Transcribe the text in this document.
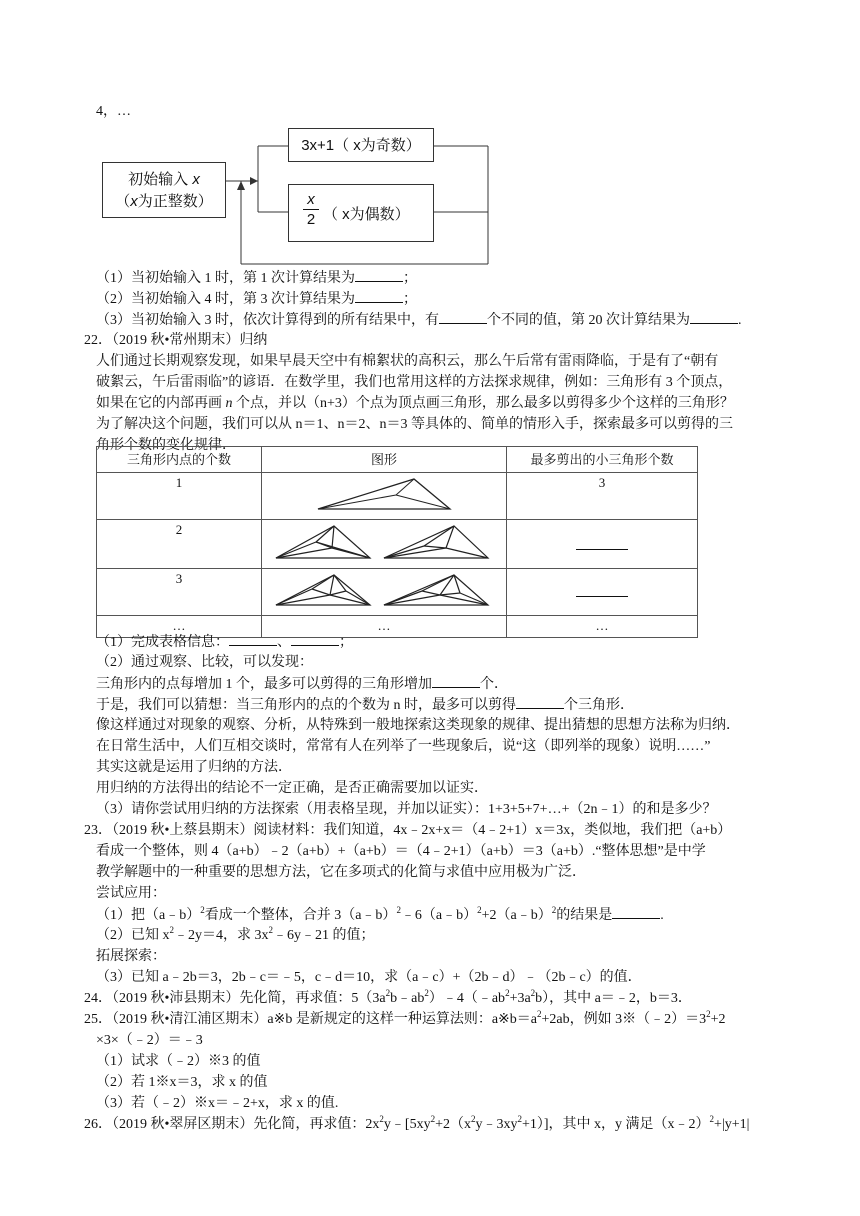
4，…
初始输入 x
（x为正整数）
3x+1（ x为奇数）
x
2 （ x为偶数）
（1）当初始输入 1 时，第 1 次计算结果为	；
（2）当初始输入 4 时，第 3 次计算结果为	；
（3）当初始输入 3 时，依次计算得到的所有结果中，有	个不同的值，第 20 次计算结果为	.
22．（2019 秋•常州期末）归纳
人们通过长期观察发现，如果早晨天空中有棉絮状的高积云，那么午后常有雷雨降临，于是有了“朝有
破絮云，午后雷雨临”的谚语．在数学里，我们也常用这样的方法探求规律，例如：三角形有 3 个顶点，
如果在它的内部再画 n 个点，并以（n+3）个点为顶点画三角形，那么最多以剪得多少个这样的三角形？
为了解决这个问题，我们可以从 n＝1、n＝2、n＝3 等具体的、简单的情形入手，探索最多可以剪得的三
角形个数的变化规律．
三角形内点的个数	图形	最多剪出的小三角形个数
1		3
2		
3		
…	…	…
（1）完成表格信息：	、	；
（2）通过观察、比较，可以发现：
三角形内的点每增加 1 个，最多可以剪得的三角形增加	个．
于是，我们可以猜想：当三角形内的点的个数为 n 时，最多可以剪得	个三角形．
像这样通过对现象的观察、分析，从特殊到一般地探索这类现象的规律、提出猜想的思想方法称为归纳．
在日常生活中，人们互相交谈时，常常有人在列举了一些现象后，说“这（即列举的现象）说明……”
其实这就是运用了归纳的方法．
用归纳的方法得出的结论不一定正确，是否正确需要加以证实．
（3）请你尝试用归纳的方法探索（用表格呈现，并加以证实）：1+3+5+7+…+（2n﹣1）的和是多少？
23．（2019 秋•上蔡县期末）阅读材料：我们知道，4x﹣2x+x＝（4﹣2+1）x＝3x，类似地，我们把（a+b）
看成一个整体，则 4（a+b）﹣2（a+b）+（a+b）＝（4﹣2+1）（a+b）＝3（a+b）.“整体思想”是中学
教学解题中的一种重要的思想方法，它在多项式的化简与求值中应用极为广泛．
尝试应用：
（1）把（a﹣b）$^2$看成一个整体，合并 3（a﹣b）$^2$﹣6（a﹣b）$^2$+2（a﹣b）$^2$的结果是	.
（2）已知 $x^2﹣2y=4$，求 $3x^2﹣6y﹣21$ 的值；
拓展探索：
（3）已知 a﹣2b＝3，2b﹣c＝﹣5，c﹣d＝10，求（a﹣c）+（2b﹣d）﹣（2b﹣c）的值．
24．（2019 秋•沛县期末）先化简，再求值：$5(3a^2b﹣ab^2)﹣4(﹣ab^2+3a^2b)$，其中 a＝﹣2，b＝3．
25．（2019 秋•清江浦区期末）a※b 是新规定的这样一种运算法则：$a※b=a^2+2ab$，例如 $3※(﹣2)=3^2+2$
×3×（﹣2）＝﹣3
（1）试求（﹣2）※3 的值
（2）若 1※x＝3，求 x 的值
（3）若（﹣2）※x＝﹣2+x，求 x 的值.
26．（2019 秋•翠屏区期末）先化简，再求值：$2x^2y﹣[5xy^2+2(x^2y﹣3xy^2+1)]$，其中 x，y 满足（x﹣2）$^2$+|y+1|
